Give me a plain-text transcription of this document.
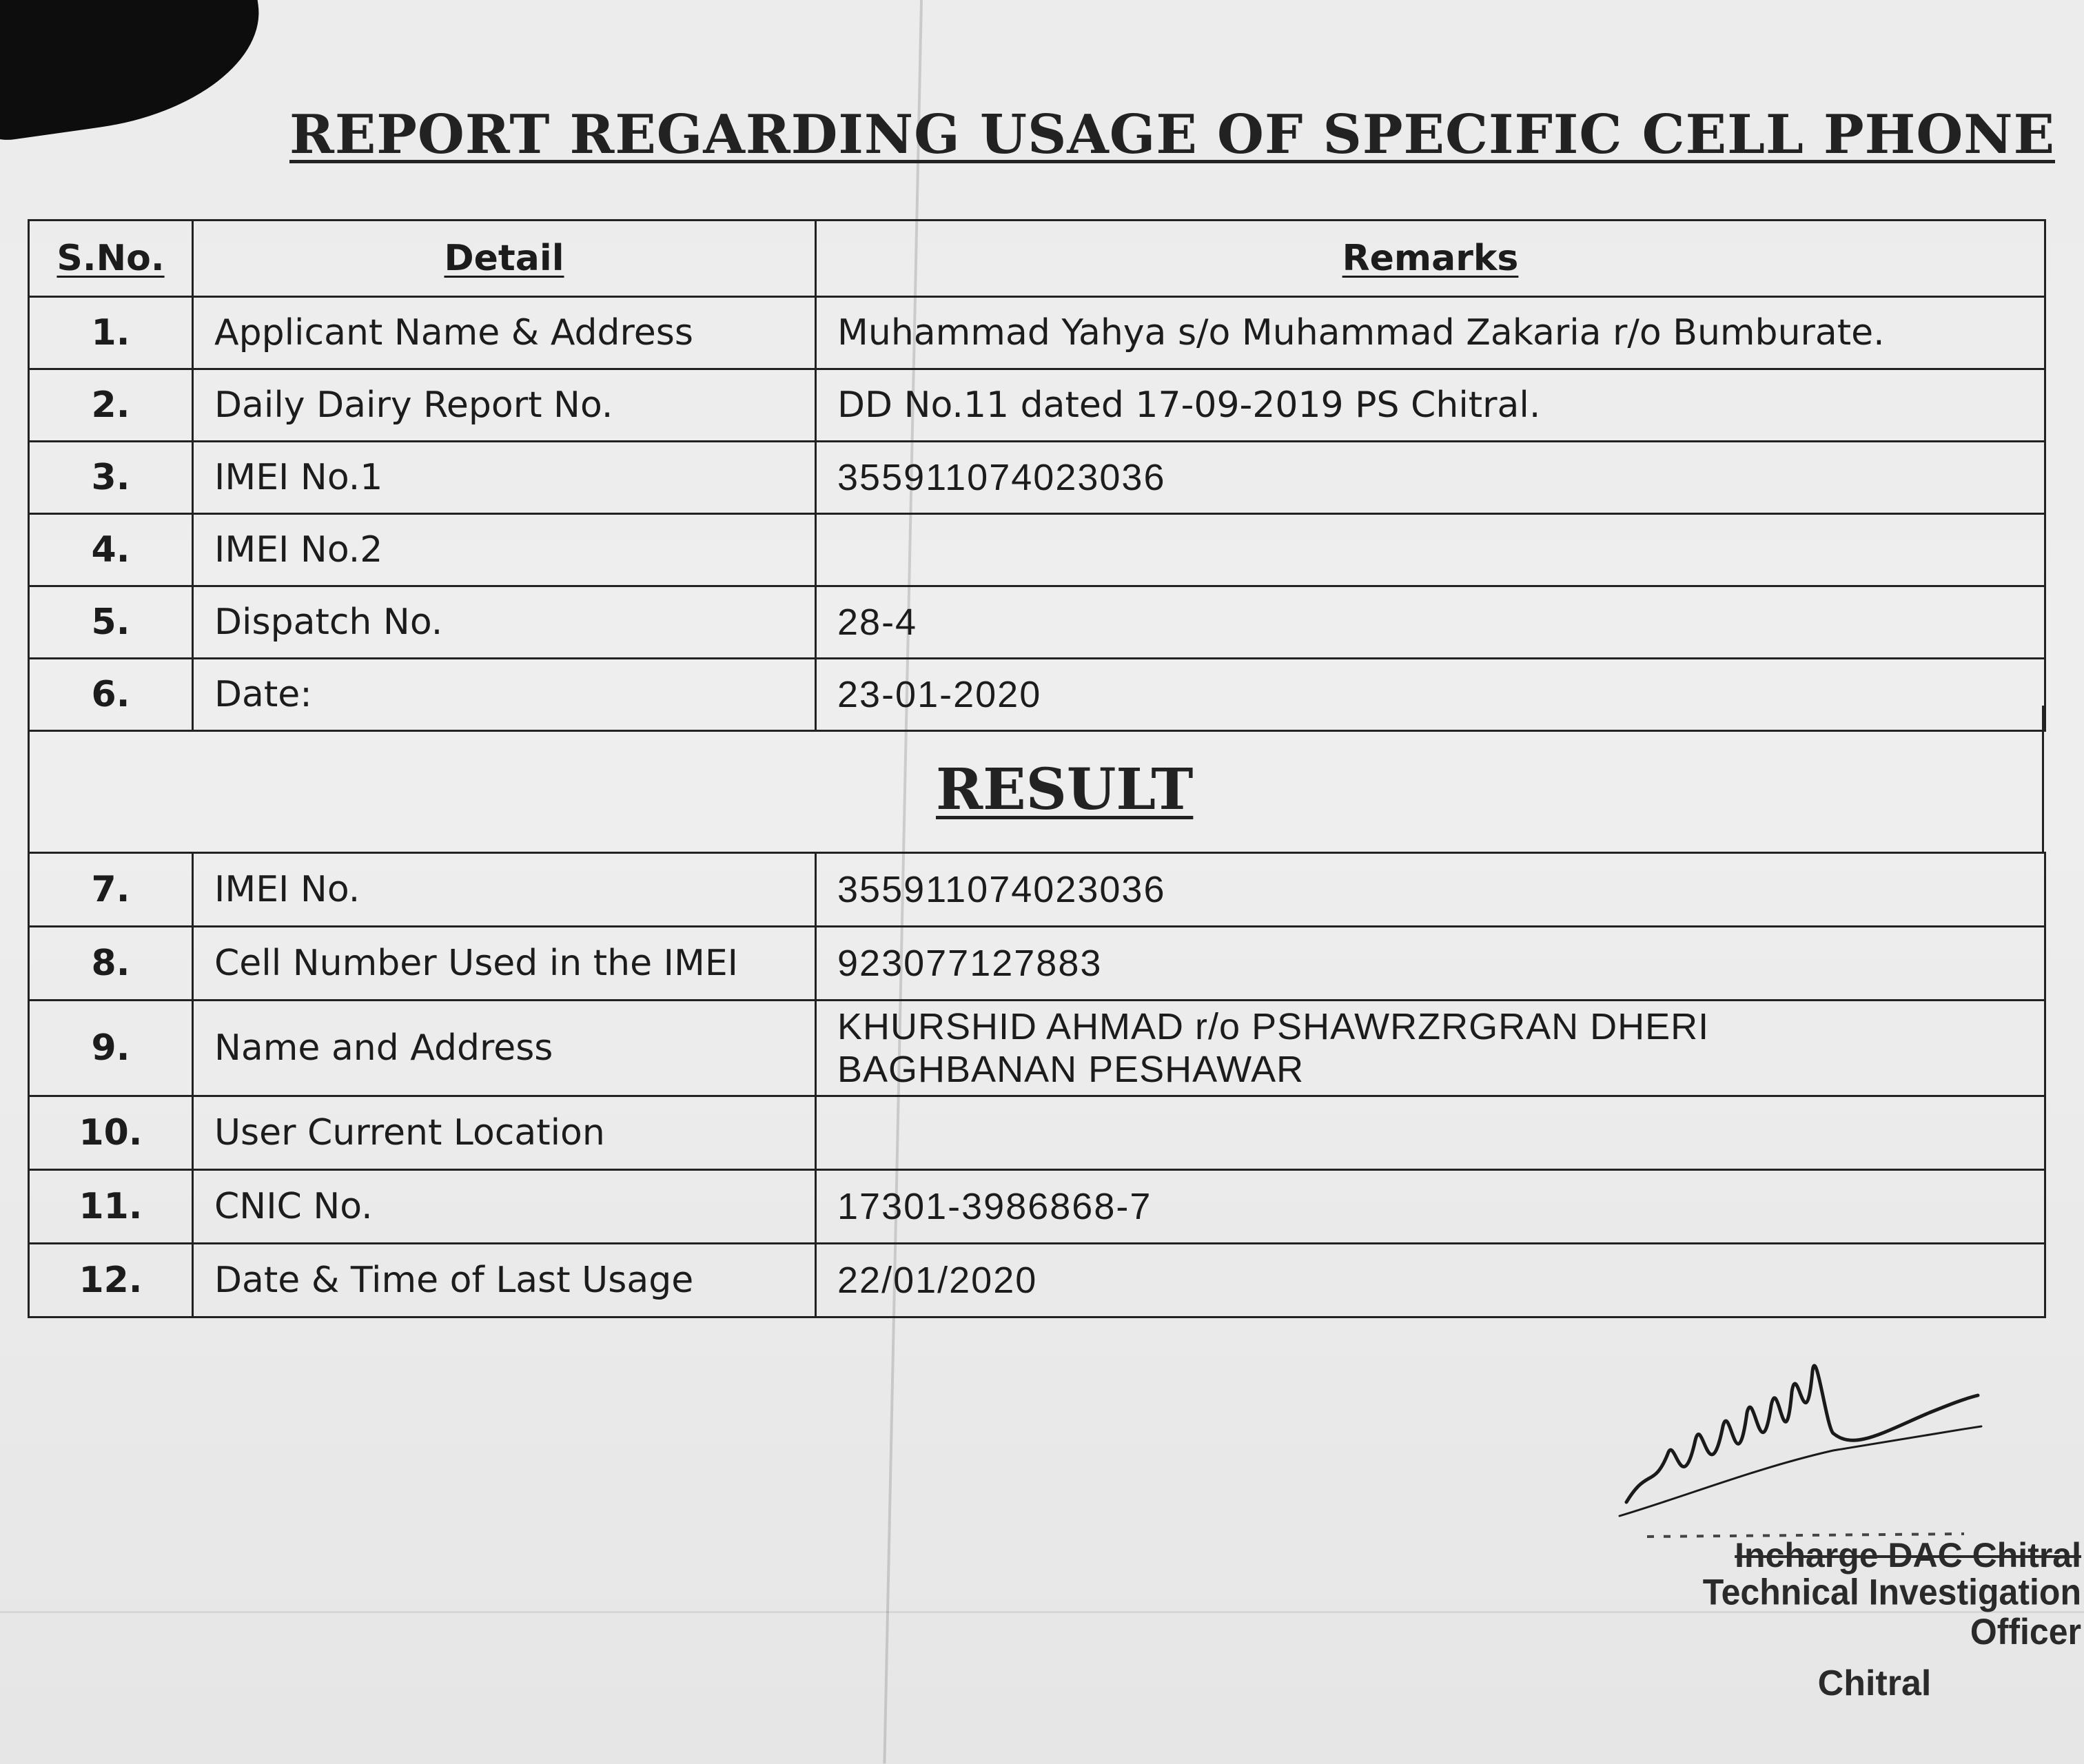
REPORT REGARDING USAGE OF SPECIFIC CELL PHONE
S.No.	Detail	Remarks
1.	Applicant Name & Address	Muhammad Yahya s/o Muhammad Zakaria r/o Bumburate.
2.	Daily Dairy Report No.	DD No.11 dated 17-09-2019 PS Chitral.
3.	IMEI No.1	355911074023036
4.	IMEI No.2	
5.	Dispatch No.	28-4
6.	Date:	23-01-2020
RESULT
7.	IMEI No.	355911074023036
8.	Cell Number Used in the IMEI	923077127883
9.	Name and Address	KHURSHID AHMAD r/o PSHAWRZRGRAN DHERI
BAGHBANAN PESHAWAR

10.	User Current Location	
11.	CNIC No.	17301-3986868-7
12.	Date & Time of Last Usage	22/01/2020
Incharge DAC Chitral
Technical Investigation Officer
Chitral
